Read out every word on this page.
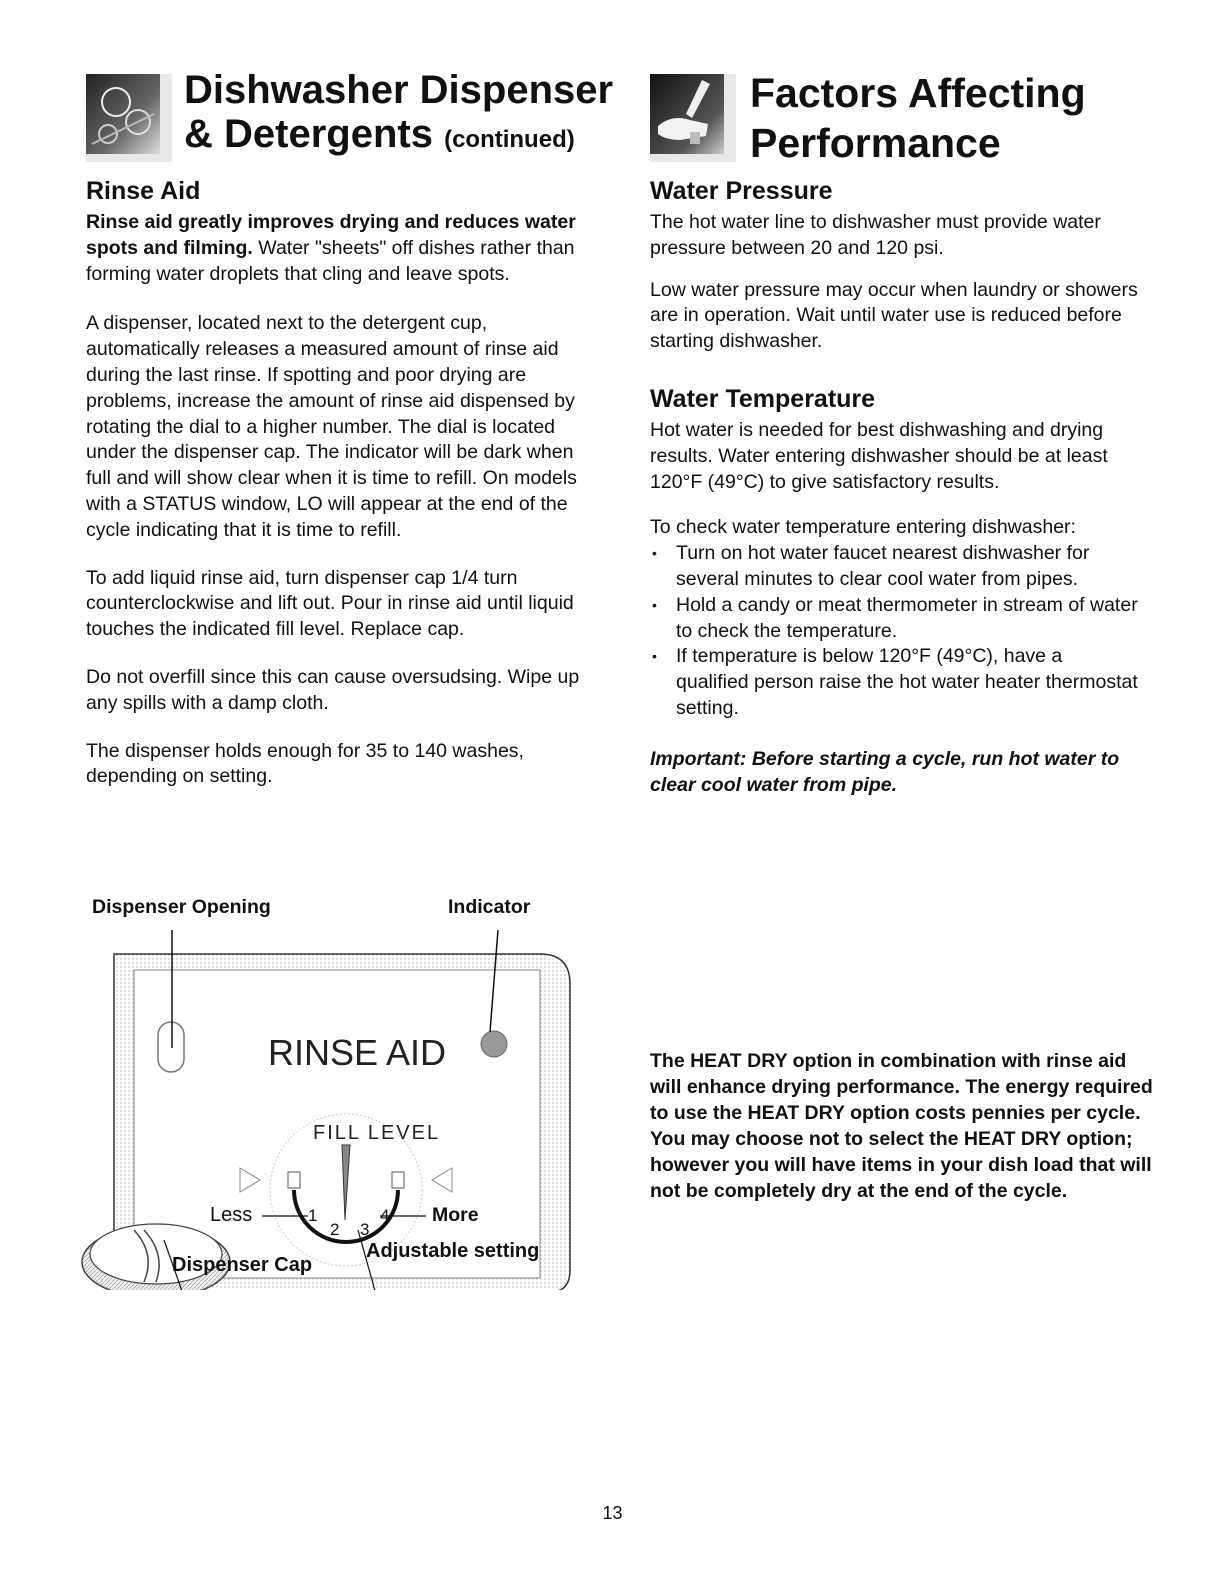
Dishwasher Dispenser
& Detergents (continued)
Factors Affecting
Performance
Rinse Aid
Rinse aid greatly improves drying and reduces water spots and filming. Water "sheets" off dishes rather than forming water droplets that cling and leave spots.
A dispenser, located next to the detergent cup, automatically releases a measured amount of rinse aid during the last rinse. If spotting and poor drying are problems, increase the amount of rinse aid dispensed by rotating the dial to a higher number. The dial is located under the dispenser cap. The indicator will be dark when full and will show clear when it is time to refill. On models with a STATUS window, LO will appear at the end of the cycle indicating that it is time to refill.
To add liquid rinse aid, turn dispenser cap 1/4 turn counterclockwise and lift out. Pour in rinse aid until liquid touches the indicated fill level. Replace cap.
Do not overfill since this can cause oversudsing. Wipe up any spills with a damp cloth.
The dispenser holds enough for 35 to 140 washes, depending on setting.
Water Pressure
The hot water line to dishwasher must provide water pressure between 20 and 120 psi.
Low water pressure may occur when laundry or showers are in operation. Wait until water use is reduced before starting dishwasher.
Water Temperature
Hot water is needed for best dishwashing and drying results. Water entering dishwasher should be at least 120°F (49°C) to give satisfactory results.
To check water temperature entering dishwasher:
• Turn on hot water faucet nearest dishwasher for several minutes to clear cool water from pipes.
• Hold a candy or meat thermometer in stream of water to check the temperature.
• If temperature is below 120°F (49°C), have a qualified person raise the hot water heater thermostat setting.
Important: Before starting a cycle, run hot water to clear cool water from pipe.
The HEAT DRY option in combination with rinse aid will enhance drying performance. The energy required to use the HEAT DRY option costs pennies per cycle. You may choose not to select the HEAT DRY option; however you will have items in your dish load that will not be completely dry at the end of the cycle.
Dispenser Opening	Indicator
RINSE AID
FILL LEVEL
Less	More
1
2 3
4
Dispenser Cap
Adjustable setting
13
